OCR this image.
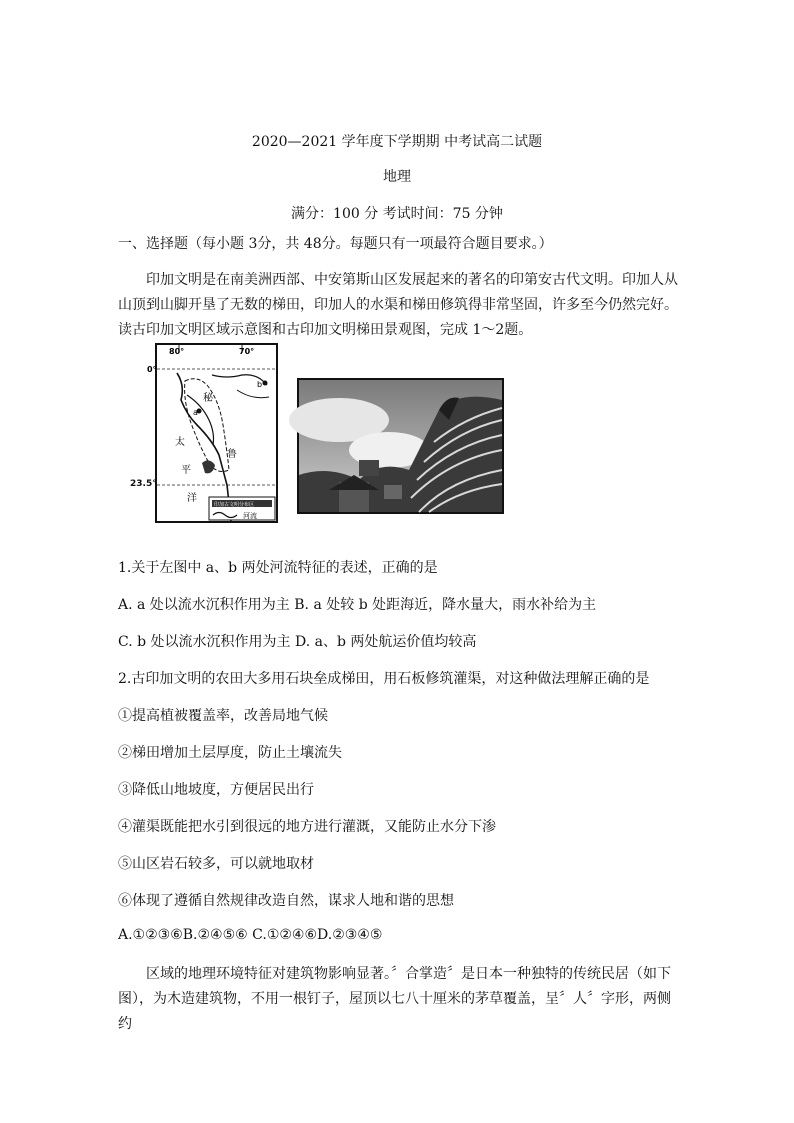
2020—2021 学年度下学期期 中考试高二试题
地理
满分：100 分 考试时间：75 分钟
一、选择题（每小题 3分，共 48分。每题只有一项最符合题目要求。）
印加文明是在南美洲西部、中安第斯山区发展起来的著名的印第安古代文明。印加人从山顶到山脚开垦了无数的梯田，印加人的水渠和梯田修筑得非常坚固，许多至今仍然完好。读古印加文明区域示意图和古印加文明梯田景观图，完成 1～2题。
80°	70°
0°
a
b
秘
鲁
太
平
洋
印加古文明分布区
河流
23.5°
1.关于左图中 a、b 两处河流特征的表述，正确的是
A. a 处以流水沉积作用为主 B. a 处较 b 处距海近，降水量大，雨水补给为主
C. b 处以流水沉积作用为主 D. a、b 两处航运价值均较高
2.古印加文明的农田大多用石块垒成梯田，用石板修筑灌渠，对这种做法理解正确的是
①提高植被覆盖率，改善局地气候
②梯田增加土层厚度，防止土壤流失
③降低山地坡度，方便居民出行
④灌渠既能把水引到很远的地方进行灌溉，又能防止水分下渗
⑤山区岩石较多，可以就地取材
⑥体现了遵循自然规律改造自然，谋求人地和谐的思想
A.①②③⑥B.②④⑤⑥ C.①②④⑥D.②③④⑤
区域的地理环境特征对建筑物影响显著。〞合掌造〞是日本一种独特的传统民居（如下图），为木造建筑物，不用一根钉子，屋顶以七八十厘米的茅草覆盖，呈〞人〞字形，两侧约
